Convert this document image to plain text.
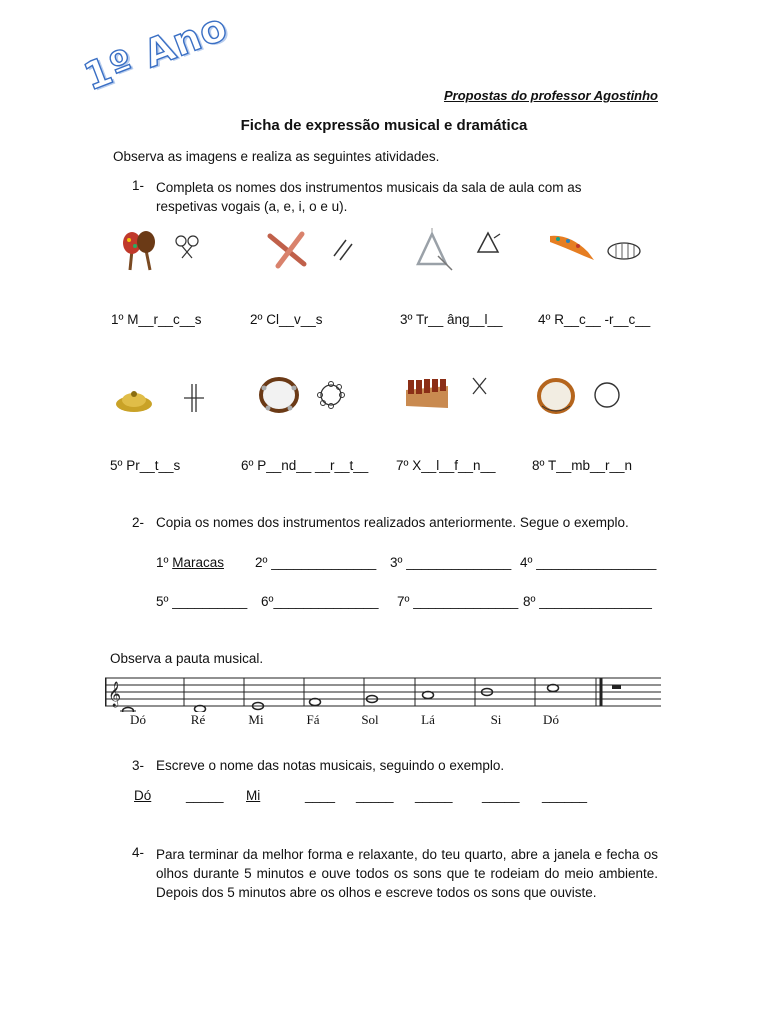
1º Ano	Propostas do professor Agostinho
Ficha de expressão musical e dramática
Observa as imagens e realiza as seguintes atividades.
1- Completa os nomes dos instrumentos musicais da sala de aula com as respetivas vogais (a, e, i, o e u).
1º M__r__c__s	2º Cl__v__s	3º Tr__ âng__l__	4º R__c__ -r__c__
5º Pr__t__s	6º P__nd__ __r__t__ 7º X__l__f__n__	8º T__mb__r__n
2- Copia os nomes dos instrumentos realizados anteriormente. Segue o exemplo.
1º Maracas 2º ______________ 3º ______________ 4º ________________
5º __________ 6º______________ 7º ______________ 8º _______________
Observa a pauta musical.
𝄞
Dó	Ré	Mi	Fá	Sol	Lá	Si	Dó
3- Escreve o nome das notas musicais, seguindo o exemplo.
Dó	_____ Mi	____ _____ _____ _____ ______
4- Para terminar da melhor forma e relaxante, do teu quarto, abre a janela e fecha os olhos durante 5 minutos e ouve todos os sons que te rodeiam do meio ambiente. Depois dos 5 minutos abre os olhos e escreve todos os sons que ouviste.
